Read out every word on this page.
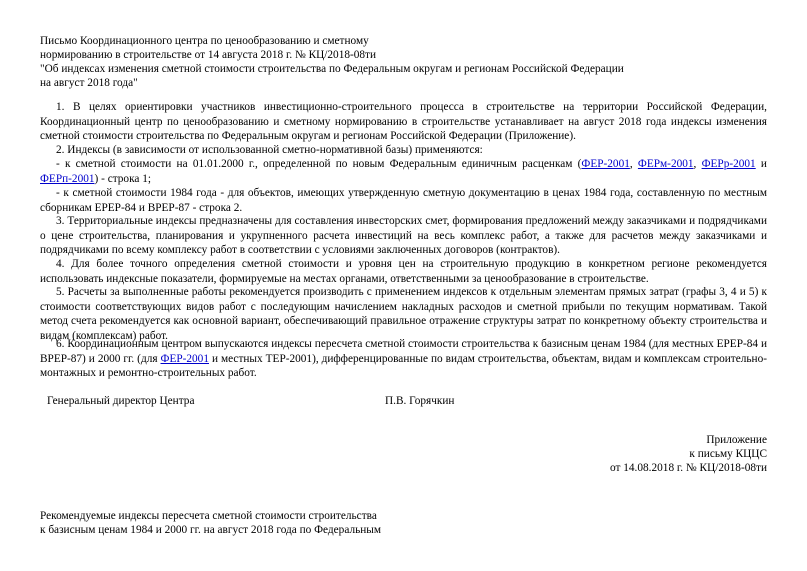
Письмо Координационного центра по ценообразованию и сметному
нормированию в строительстве от 14 августа 2018 г. № КЦ/2018-08ти
"Об индексах изменения сметной стоимости строительства по Федеральным округам и регионам Российской Федерации
на август 2018 года"
1. В целях ориентировки участников инвестиционно-строительного процесса в строительстве на территории Российской Федерации, Координационный центр по ценообразованию и сметному нормированию в строительстве устанавливает на август 2018 года индексы изменения сметной стоимости строительства по Федеральным округам и регионам Российской Федерации (Приложение).
2. Индексы (в зависимости от использованной сметно-нормативной базы) применяются:
- к сметной стоимости на 01.01.2000 г., определенной по новым Федеральным единичным расценкам (ФЕР-2001, ФЕРм-2001, ФЕРр-2001 и ФЕРп-2001) - строка 1;
- к сметной стоимости 1984 года - для объектов, имеющих утвержденную сметную документацию в ценах 1984 года, составленную по местным сборникам ЕРЕР-84 и ВРЕР-87 - строка 2.
3. Территориальные индексы предназначены для составления инвесторских смет, формирования предложений между заказчиками и подрядчиками о цене строительства, планирования и укрупненного расчета инвестиций на весь комплекс работ, а также для расчетов между заказчиками и подрядчиками по всему комплексу работ в соответствии с условиями заключенных договоров (контрактов).
4. Для более точного определения сметной стоимости и уровня цен на строительную продукцию в конкретном регионе рекомендуется использовать индексные показатели, формируемые на местах органами, ответственными за ценообразование в строительстве.
5. Расчеты за выполненные работы рекомендуется производить с применением индексов к отдельным элементам прямых затрат (графы 3, 4 и 5) к стоимости соответствующих видов работ с последующим начислением накладных расходов и сметной прибыли по текущим нормативам. Такой метод счета рекомендуется как основной вариант, обеспечивающий правильное отражение структуры затрат по конкретному объекту строительства и видам (комплексам) работ.
6. Координационным центром выпускаются индексы пересчета сметной стоимости строительства к базисным ценам 1984 (для местных ЕРЕР-84 и ВРЕР-87) и 2000 гг. (для ФЕР-2001 и местных ТЕР-2001), дифференцированные по видам строительства, объектам, видам и комплексам строительно-монтажных и ремонтно-строительных работ.
Генеральный директор Центра	П.В. Горячкин
Приложение
к письму КЦЦС
от 14.08.2018 г. № КЦ/2018-08ти
Рекомендуемые индексы пересчета сметной стоимости строительства
к базисным ценам 1984 и 2000 гг. на август 2018 года по Федеральным
